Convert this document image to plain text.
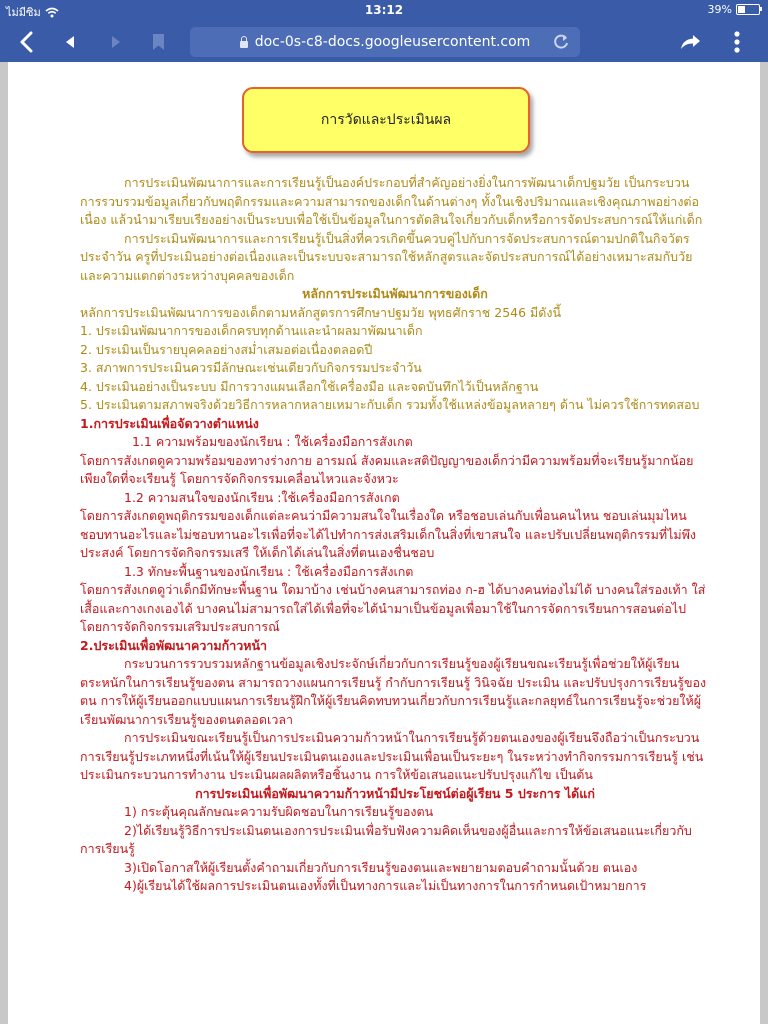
ไม่มีซิม	13:12	39%
doc-0s-c8-docs.googleusercontent.com
การวัดและประเมินผล

การประเมินพัฒนาการและการเรียนรู้เป็นองค์ประกอบที่สำคัญอย่างยิ่งในการพัฒนาเด็กปฐมวัย เป็นกระบวนการรวบรวมข้อมูลเกี่ยวกับพฤติกรรมและความสามารถของเด็กในด้านต่างๆ ทั้งในเชิงปริมาณและเชิงคุณภาพอย่างต่อเนื่อง แล้วนำมาเรียบเรียงอย่างเป็นระบบเพื่อใช้เป็นข้อมูลในการตัดสินใจเกี่ยวกับเด็กหรือการจัดประสบการณ์ให้แก่เด็ก

การประเมินพัฒนาการและการเรียนรู้เป็นสิ่งที่ควรเกิดขึ้นควบคู่ไปกับการจัดประสบการณ์ตามปกติในกิจวัตรประจำวัน ครูที่ประเมินอย่างต่อเนื่องและเป็นระบบจะสามารถใช้หลักสูตรและจัดประสบการณ์ได้อย่างเหมาะสมกับวัย และความแตกต่างระหว่างบุคคลของเด็ก

หลักการประเมินพัฒนาการของเด็ก

หลักการประเมินพัฒนาการของเด็กตามหลักสูตรการศึกษาปฐมวัย พุทธศักราช 2546 มีดังนี้

1. ประเมินพัฒนาการของเด็กครบทุกด้านและนำผลมาพัฒนาเด็ก

2. ประเมินเป็นรายบุคคลอย่างสม่ำเสมอต่อเนื่องตลอดปี

3. สภาพการประเมินควรมีลักษณะเช่นเดียวกับกิจกรรมประจำวัน

4. ประเมินอย่างเป็นระบบ มีการวางแผนเลือกใช้เครื่องมือ และจดบันทึกไว้เป็นหลักฐาน

5. ประเมินตามสภาพจริงด้วยวิธีการหลากหลายเหมาะกับเด็ก รวมทั้งใช้แหล่งข้อมูลหลายๆ ด้าน ไม่ควรใช้การทดสอบ

1.การประเมินเพื่อจัดวางตำแหน่ง

1.1 ความพร้อมของนักเรียน : ใช้เครื่องมือการสังเกต

โดยการสังเกตดูความพร้อมของทางร่างกาย อารมณ์ สังคมและสติปัญญาของเด็กว่ามีความพร้อมที่จะเรียนรู้มากน้อยเพียงใดที่จะเรียนรู้ โดยการจัดกิจกรรมเคลื่อนไหวและจังหวะ

1.2 ความสนใจของนักเรียน :ใช้เครื่องมือการสังเกต

โดยการสังเกตดูพฤติกรรมของเด็กแต่ละคนว่ามีความสนใจในเรื่องใด หรือชอบเล่นกับเพื่อนคนไหน ชอบเล่นมุมไหน ชอบทานอะไรและไม่ชอบทานอะไรเพื่อที่จะได้ไปทำการส่งเสริมเด็กในสิ่งที่เขาสนใจ และปรับเปลี่ยนพฤติกรรมที่ไม่พึงประสงค์ โดยการจัดกิจกรรมเสรี ให้เด็กได้เล่นในสิ่งที่ตนเองชื่นชอบ

1.3 ทักษะพื้นฐานของนักเรียน : ใช้เครื่องมือการสังเกต

โดยการสังเกตดูว่าเด็กมีทักษะพื้นฐาน ใดมาบ้าง เช่นบ้างคนสามารถท่อง ก-ฮ ได้บางคนท่องไม่ได้ บางคนใส่รองเท้า ใส่เสื้อและกางเกงเองได้ บางคนไม่สามารถใส่ได้เพื่อที่จะได้นำมาเป็นข้อมูลเพื่อมาใช้ในการจัดการเรียนการสอนต่อไป โดยการจัดกิจกรรมเสริมประสบการณ์

2.ประเมินเพื่อพัฒนาความก้าวหน้า

กระบวนการรวบรวมหลักฐานข้อมูลเชิงประจักษ์เกี่ยวกับการเรียนรู้ของผู้เรียนขณะเรียนรู้เพื่อช่วยให้ผู้เรียนตระหนักในการเรียนรู้ของตน สามารถวางแผนการเรียนรู้ กำกับการเรียนรู้ วินิจฉัย ประเมิน และปรับปรุงการเรียนรู้ของตน การให้ผู้เรียนออกแบบแผนการเรียนรู้ฝึกให้ผู้เรียนคิดทบทวนเกี่ยวกับการเรียนรู้และกลยุทธ์ในการเรียนรู้จะช่วยให้ผู้เรียนพัฒนาการเรียนรู้ของตนตลอดเวลา

การประเมินขณะเรียนรู้เป็นการประเมินความก้าวหน้าในการเรียนรู้ด้วยตนเองของผู้เรียนจึงถือว่าเป็นกระบวนการเรียนรู้ประเภทหนึ่งที่เน้นให้ผู้เรียนประเมินตนเองและประเมินเพื่อนเป็นระยะๆ ในระหว่างทำกิจกรรมการเรียนรู้ เช่น ประเมินกระบวนการทำงาน ประเมินผลผลิตหรือชิ้นงาน การให้ข้อเสนอแนะปรับปรุงแก้ไข เป็นต้น

การประเมินเพื่อพัฒนาความก้าวหน้ามีประโยชน์ต่อผู้เรียน 5 ประการ ได้แก่

1) กระตุ้นคุณลักษณะความรับผิดชอบในการเรียนรู้ของตน

2)ได้เรียนรู้วิธีการประเมินตนเองการประเมินเพื่อรับฟังความคิดเห็นของผู้อื่นและการให้ข้อเสนอแนะเกี่ยวกับการเรียนรู้

3)เปิดโอกาสให้ผู้เรียนตั้งคำถามเกี่ยวกับการเรียนรู้ของตนและพยายามตอบคำถามนั้นด้วย ตนเอง

4)ผู้เรียนได้ใช้ผลการประเมินตนเองทั้งที่เป็นทางการและไม่เป็นทางการในการกำหนดเป้าหมายการ
